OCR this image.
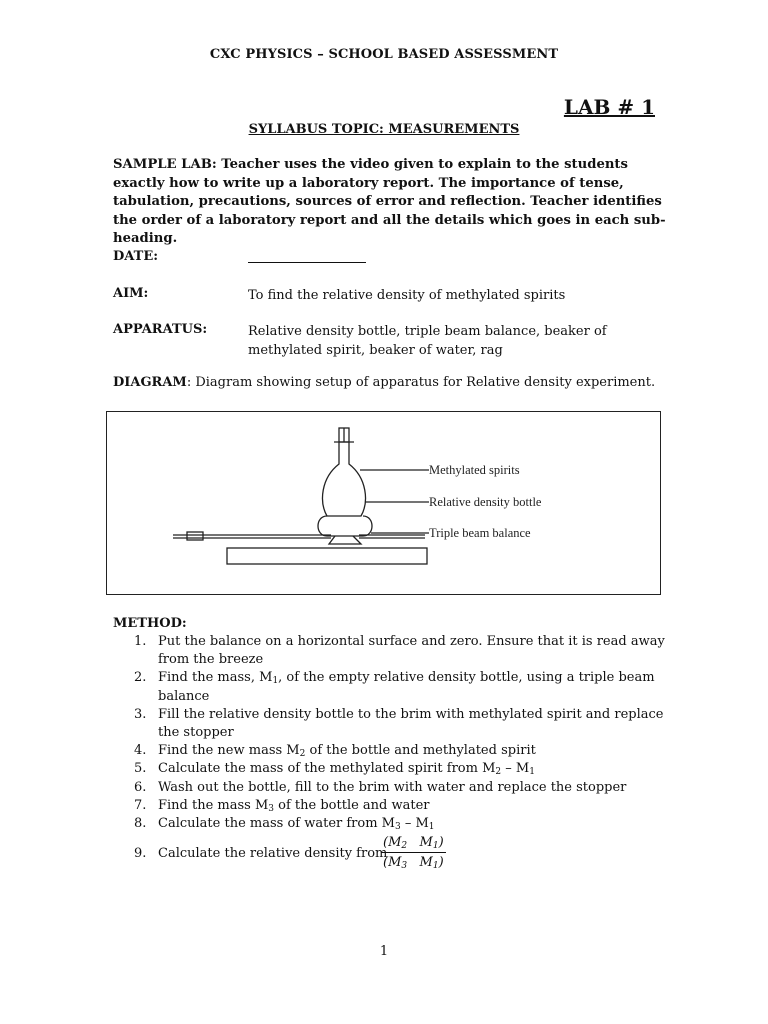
CXC PHYSICS – SCHOOL BASED ASSESSMENT
LAB # 1
SYLLABUS TOPIC: MEASUREMENTS
SAMPLE LAB: Teacher uses the video given to explain to the students exactly how to write up a laboratory report. The importance of tense, tabulation, precautions, sources of error and reflection. Teacher identifies the order of a laboratory report and all the details which goes in each sub-heading.
DATE:
AIM:	To find the relative density of methylated spirits
APPARATUS:	Relative density bottle, triple beam balance, beaker of methylated spirit, beaker of water, rag
DIAGRAM: Diagram showing setup of apparatus for Relative density experiment.
Methylated spirits
Relative density bottle
Triple beam balance
METHOD:
1. Put the balance on a horizontal surface and zero. Ensure that it is read away from the breeze
2. Find the mass, $M_1$, of the empty relative density bottle, using a triple beam balance
3. Fill the relative density bottle to the brim with methylated spirit and replace the stopper
4. Find the new mass $M_2$ of the bottle and methylated spirit
5. Calculate the mass of the methylated spirit from $M_2 - M_1$
6. Wash out the bottle, fill to the brim with water and replace the stopper
7. Find the mass $M_3$ of the bottle and water
8. Calculate the mass of water from $M_3 - M_1$
9. Calculate the relative density from
($M_2$   $M_1$)
($M_3$   $M_1$)
1
